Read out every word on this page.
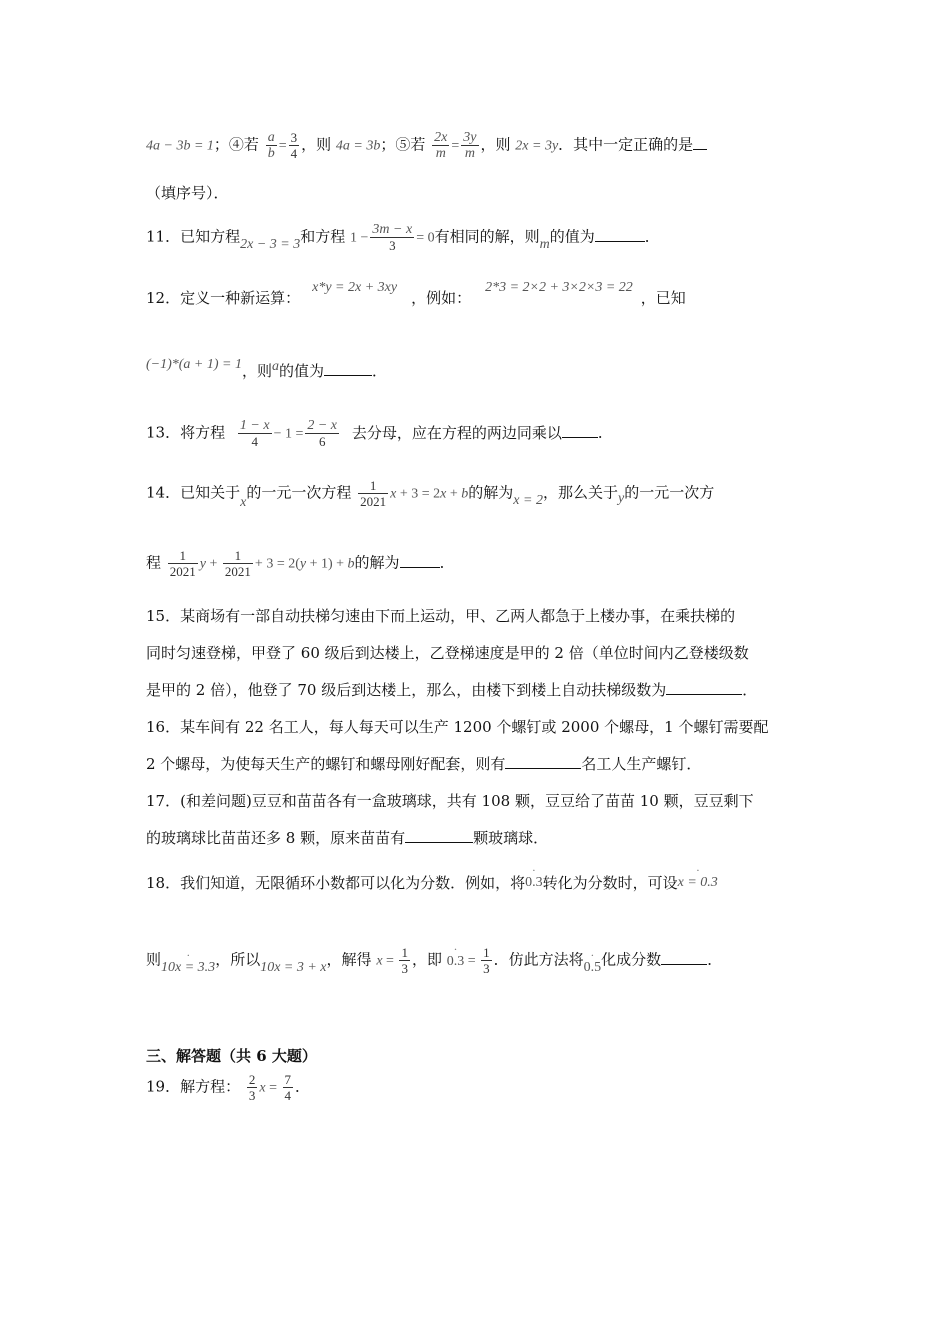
4a − 3b = 1；④若 $\frac{a}{b} = \frac{3}{4}$ ，则 4a = 3b；⑤若 $\frac{2x}{m} = \frac{3y}{m}$ ，则 2x = 3y．其中一定正确的是
（填序号）．
11．已知方程2x − 3 = 3和方程 $1 - \frac{3m - x}{3} = 0$有相同的解，则m的值为	．
12．定义一种新运算：x*y = 2x + 3xy，例如：2*3 = 2×2 + 3×2×3 = 22，已知
(−1)*(a + 1) = 1，则a的值为	．
13．将方程 $\frac{1 - x}{4} - 1 = \frac{2 - x}{6}$ 去分母，应在方程的两边同乘以 ．
14．已知关于x的一元一次方程 $\frac{1}{2021}$ x + 3 = 2x + b的解为x = 2，那么关于y的一元一次方
程 $\frac{1}{2021}$ $y + \frac{1}{2021} + 3 = 2(y + 1) + b$的解为	．
15．某商场有一部自动扶梯匀速由下而上运动，甲、乙两人都急于上楼办事，在乘扶梯的
同时匀速登梯，甲登了 60 级后到达楼上，乙登梯速度是甲的 2 倍（单位时间内乙登楼级数
是甲的 2 倍），他登了 70 级后到达楼上，那么，由楼下到楼上自动扶梯级数为	．
16．某车间有 22 名工人，每人每天可以生产 1200 个螺钉或 2000 个螺母，1 个螺钉需要配
2 个螺母，为使每天生产的螺钉和螺母刚好配套，则有	名工人生产螺钉．
17．(和差问题)豆豆和苗苗各有一盒玻璃球，共有 108 颗，豆豆给了苗苗 10 颗，豆豆剩下
的玻璃球比苗苗还多 8 颗，原来苗苗有	颗玻璃球．
18．我们知道，无限循环小数都可以化为分数．例如，将· 0.3转化为分数时，可设· x = 0.3
则· 10x = 3.3，所以10x = 3 + x，解得 $x = \frac{1}{3}$ ，即 · $0.3 = \frac{1}{3}$ ．仿此方法将· 0.5化成分数	．
三、解答题（共 6 大题）
19．解方程： $\frac{2}{3}$ $x = \frac{7}{4}$ ．
